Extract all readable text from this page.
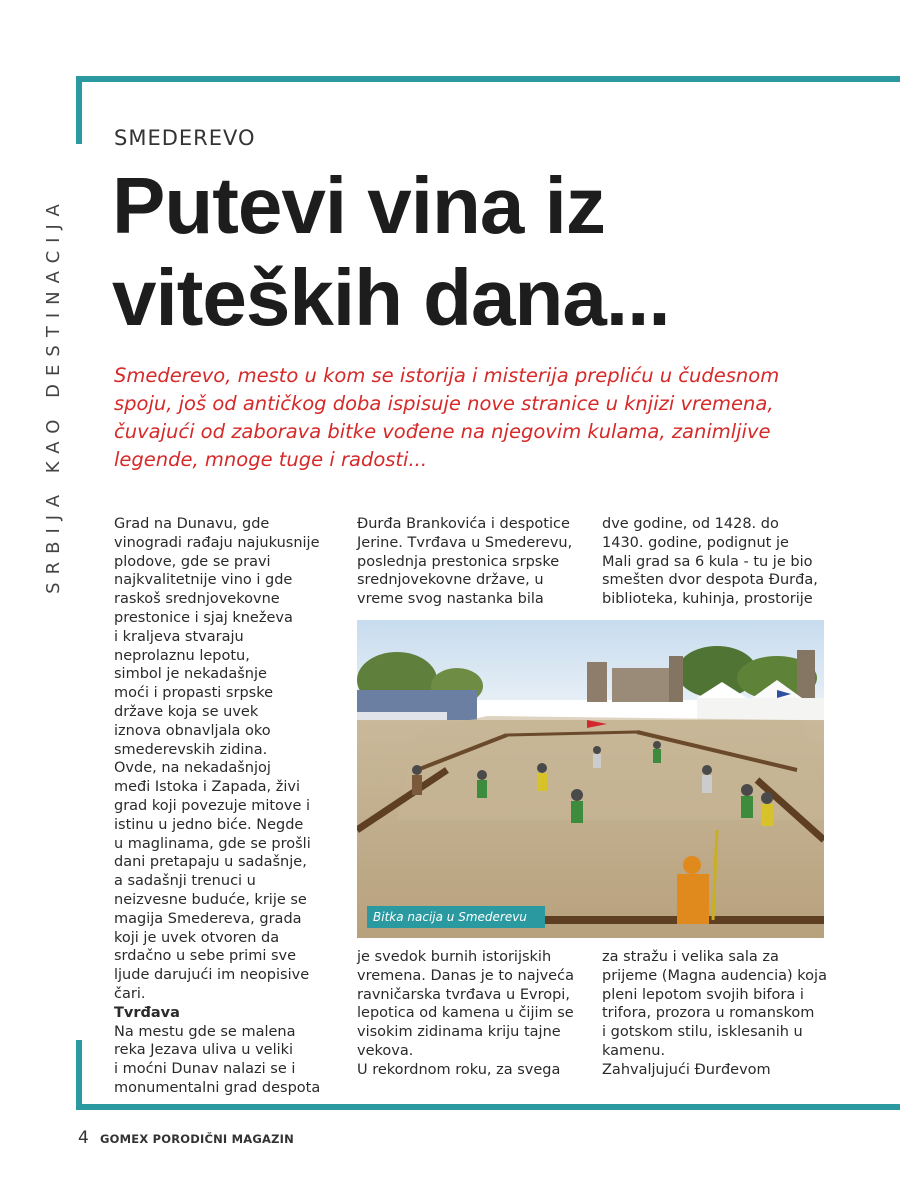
SRBIJA KAO DESTINACIJA
SMEDEREVO
Putevi vina iz
viteških dana...

Smederevo, mesto u kom se istorija i misterija prepliću u čudesnom spoju, još od antičkog doba ispisuje nove stranice u knjizi vremena, čuvajući od zaborava bitke vođene na njegovim kulama, zanimljive legende, mnoge tuge i radosti...

Grad na Dunavu, gde
vinogradi rađaju najukusnije
plodove, gde se pravi
najkvalitetnije vino i gde
raskoš srednjovekovne
prestonice i sjaj kneževa
i kraljeva stvaraju
neprolaznu lepotu,
simbol je nekadašnje
moći i propasti srpske
države koja se uvek
iznova obnavljala oko
smederevskih zidina.
Ovde, na nekadašnjoj
međi Istoka i Zapada, živi
grad koji povezuje mitove i
istinu u jedno biće. Negde
u maglinama, gde se prošli
dani pretapaju u sadašnje,
a sadašnji trenuci u
neizvesne buduće, krije se
magija Smedereva, grada
koji je uvek otvoren da
srdačno u sebe primi sve
ljude darujući im neopisive
čari.
Tvrđava
Na mestu gde se malena
reka Jezava uliva u veliki
i moćni Dunav nalazi se i
monumentalni grad despota
Đurđa Brankovića i despotice
Jerine. Tvrđava u Smederevu,
poslednja prestonica srpske
srednjovekovne države, u
vreme svog nastanka bila
dve godine, od 1428. do
1430. godine, podignut je
Mali grad sa 6 kula - tu je bio
smešten dvor despota Đurđa,
biblioteka, kuhinja, prostorije
Bitka nacija u Smederevu
je svedok burnih istorijskih
vremena. Danas je to najveća
ravničarska tvrđava u Evropi,
lepotica od kamena u čijim se
visokim zidinama kriju tajne
vekova.
U rekordnom roku, za svega
za stražu i velika sala za
prijeme (Magna audencia) koja
pleni lepotom svojih bifora i
trifora, prozora u romanskom
i gotskom stilu, isklesanih u
kamenu.
Zahvaljujući Đurđevom
4 GOMEX PORODIČNI MAGAZIN
